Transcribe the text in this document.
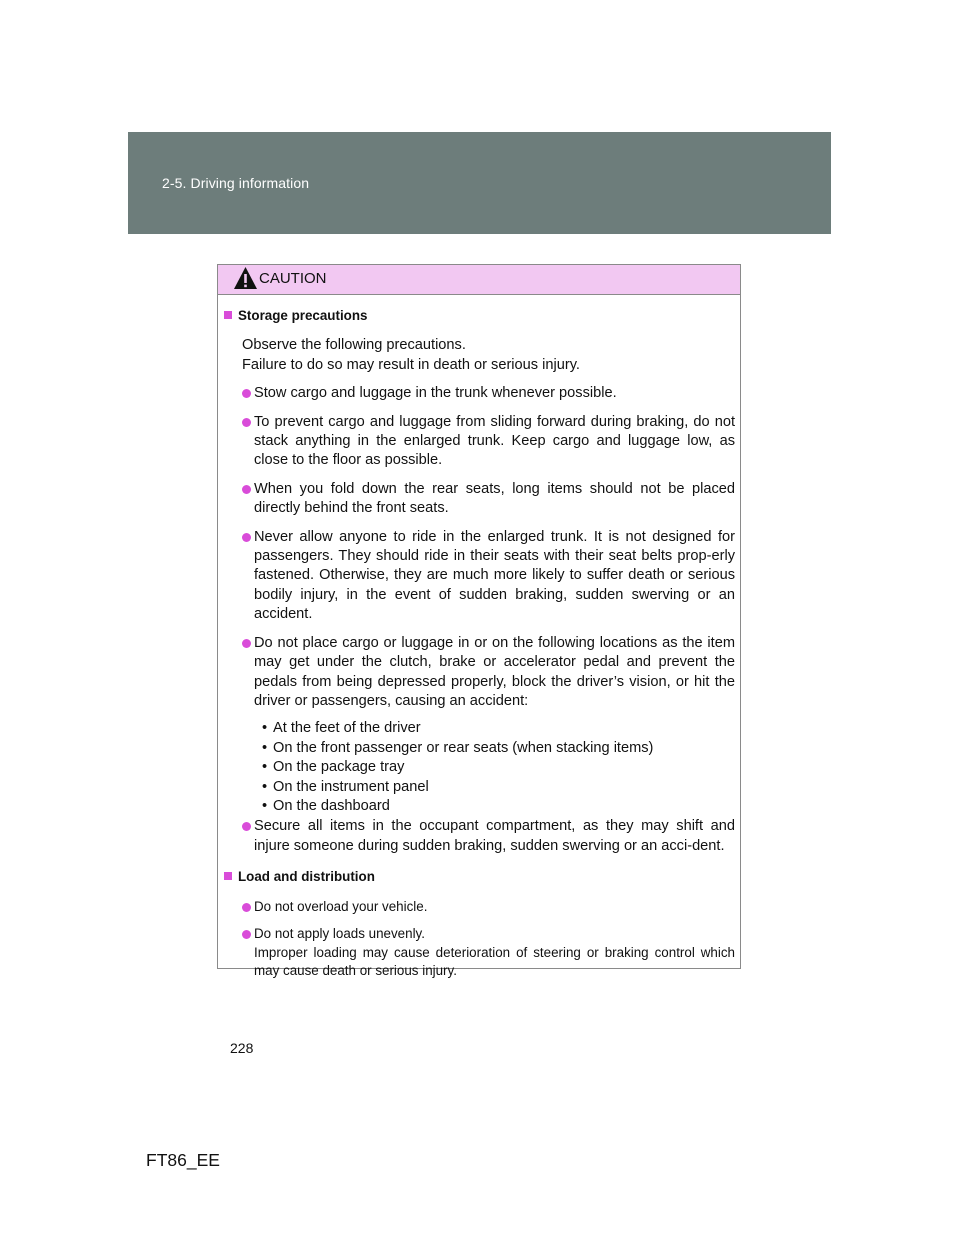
2-5. Driving information
CAUTION
Storage precautions
Observe the following precautions.
Failure to do so may result in death or serious injury.
Stow cargo and luggage in the trunk whenever possible.
To prevent cargo and luggage from sliding forward during braking, do not stack anything in the enlarged trunk. Keep cargo and luggage low, as close to the floor as possible.
When you fold down the rear seats, long items should not be placed directly behind the front seats.
Never allow anyone to ride in the enlarged trunk. It is not designed for passengers. They should ride in their seats with their seat belts prop-erly fastened. Otherwise, they are much more likely to suffer death or serious bodily injury, in the event of sudden braking, sudden swerving or an accident.
Do not place cargo or luggage in or on the following locations as the item may get under the clutch, brake or accelerator pedal and prevent the pedals from being depressed properly, block the driver’s vision, or hit the driver or passengers, causing an accident:
• At the feet of the driver
• On the front passenger or rear seats (when stacking items)
• On the package tray
• On the instrument panel
• On the dashboard
Secure all items in the occupant compartment, as they may shift and injure someone during sudden braking, sudden swerving or an acci-dent.
Load and distribution
Do not overload your vehicle.
Do not apply loads unevenly.
Improper loading may cause deterioration of steering or braking control which may cause death or serious injury.
228
FT86_EE
